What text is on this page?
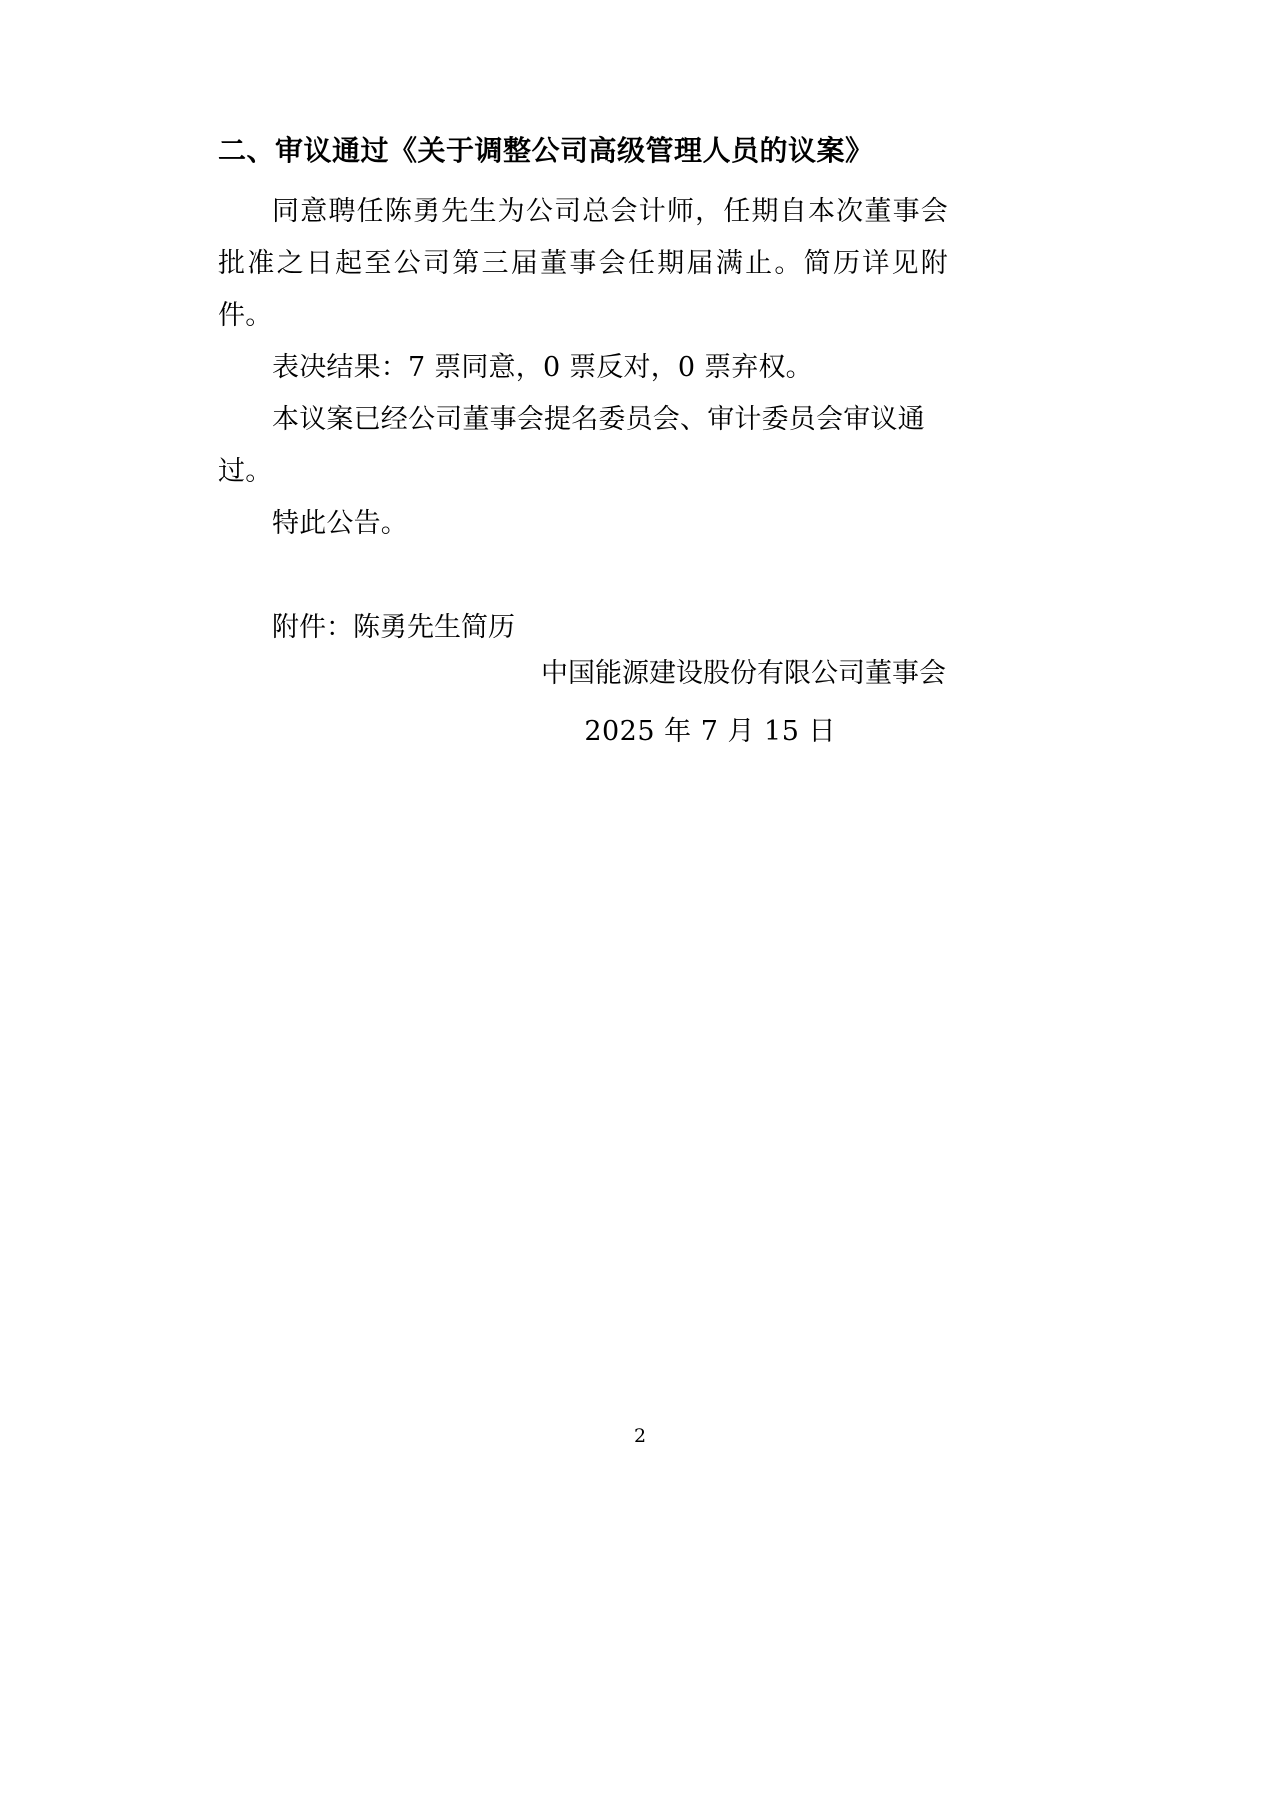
二、审议通过《关于调整公司高级管理人员的议案》

同意聘任陈勇先生为公司总会计师，任期自本次董事会批准之日起至公司第三届董事会任期届满止。简历详见附件。

表决结果：7 票同意，0 票反对，0 票弃权。

本议案已经公司董事会提名委员会、审计委员会审议通过。

特此公告。

附件：陈勇先生简历

中国能源建设股份有限公司董事会
2025 年 7 月 15 日
2
